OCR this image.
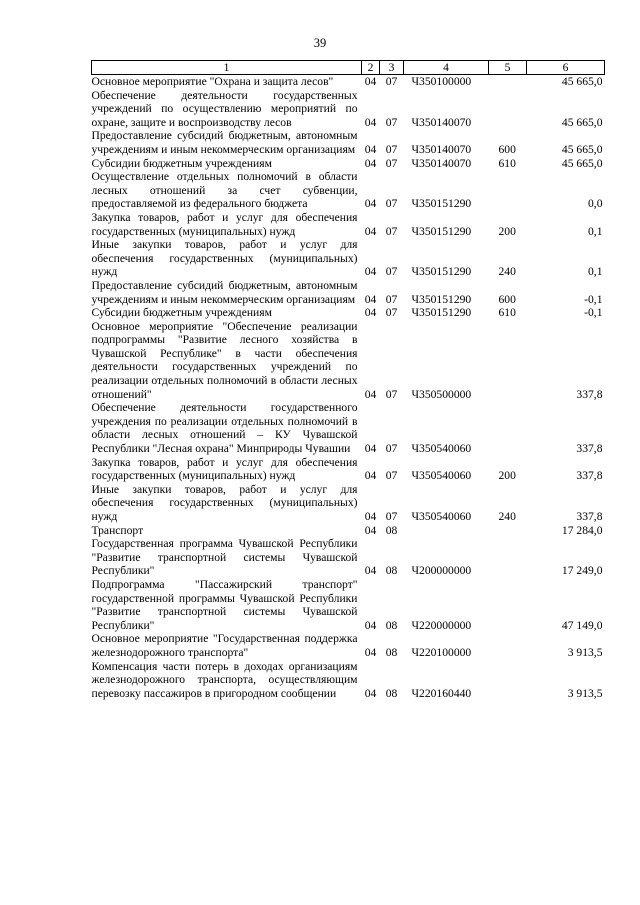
39
1	2	3	4	5	6
Основное мероприятие "Охрана и защита лесов"	04	07	Ч350100000		45 665,0
Обеспечение деятельности государственных учреждений по осуществлению мероприятий по охране, защите и воспроизводству лесов	04	07	Ч350140070		45 665,0
Предоставление субсидий бюджетным, автономным учреждениям и иным некоммерческим организациям	04	07	Ч350140070	600	45 665,0
Субсидии бюджетным учреждениям	04	07	Ч350140070	610	45 665,0
Осуществление отдельных полномочий в области лесных отношений за счет субвенции, предоставляемой из федерального бюджета	04	07	Ч350151290		0,0
Закупка товаров, работ и услуг для обеспечения государственных (муниципальных) нужд	04	07	Ч350151290	200	0,1
Иные закупки товаров, работ и услуг для обеспечения государственных (муниципальных) нужд	04	07	Ч350151290	240	0,1
Предоставление субсидий бюджетным, автономным учреждениям и иным некоммерческим организациям	04	07	Ч350151290	600	-0,1
Субсидии бюджетным учреждениям	04	07	Ч350151290	610	-0,1
Основное мероприятие "Обеспечение реализации подпрограммы "Развитие лесного хозяйства в Чувашской Республике" в части обеспечения деятельности государственных учреждений по реализации отдельных полномочий в области лесных отношений"	04	07	Ч350500000		337,8
Обеспечение деятельности государственного учреждения по реализации отдельных полномочий в области лесных отношений – КУ Чувашской Республики "Лесная охрана" Минприроды Чувашии	04	07	Ч350540060		337,8
Закупка товаров, работ и услуг для обеспечения государственных (муниципальных) нужд	04	07	Ч350540060	200	337,8
Иные закупки товаров, работ и услуг для обеспечения государственных (муниципальных) нужд	04	07	Ч350540060	240	337,8
Транспорт	04	08			17 284,0
Государственная программа Чувашской Республики "Развитие транспортной системы Чувашской Республики"	04	08	Ч200000000		17 249,0
Подпрограмма "Пассажирский транспорт" государственной программы Чувашской Республики "Развитие транспортной системы Чувашской Республики"	04	08	Ч220000000		47 149,0
Основное мероприятие "Государственная поддержка железнодорожного транспорта"	04	08	Ч220100000		3 913,5
Компенсация части потерь в доходах организациям железнодорожного транспорта, осуществляющим перевозку пассажиров в пригородном сообщении	04	08	Ч220160440		3 913,5
